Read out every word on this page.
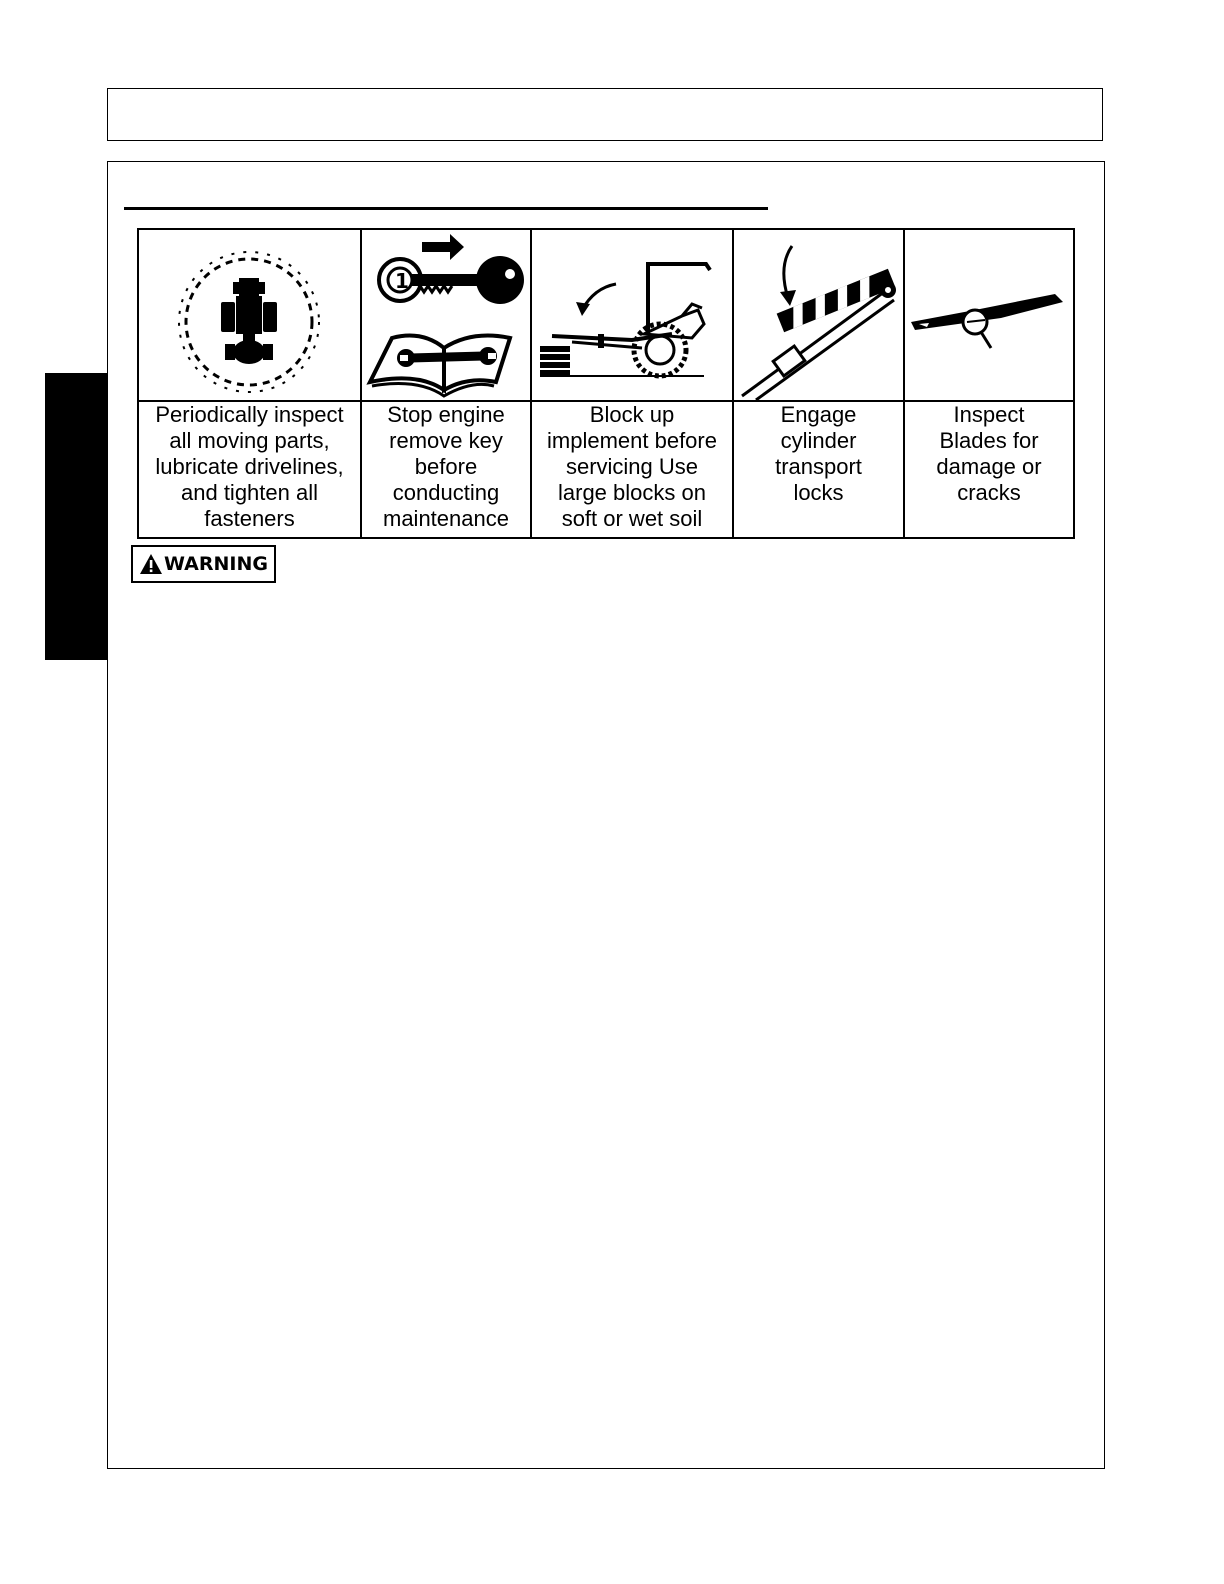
Periodically inspect
all moving parts,
lubricate drivelines,
and tighten all
fasteners
1
Stop engine
remove key
before
conducting
maintenance
Block up
implement before
servicing Use
large blocks on
soft or wet soil
Engage
cylinder
transport
locks
Inspect
Blades for
damage or
cracks
WARNING
